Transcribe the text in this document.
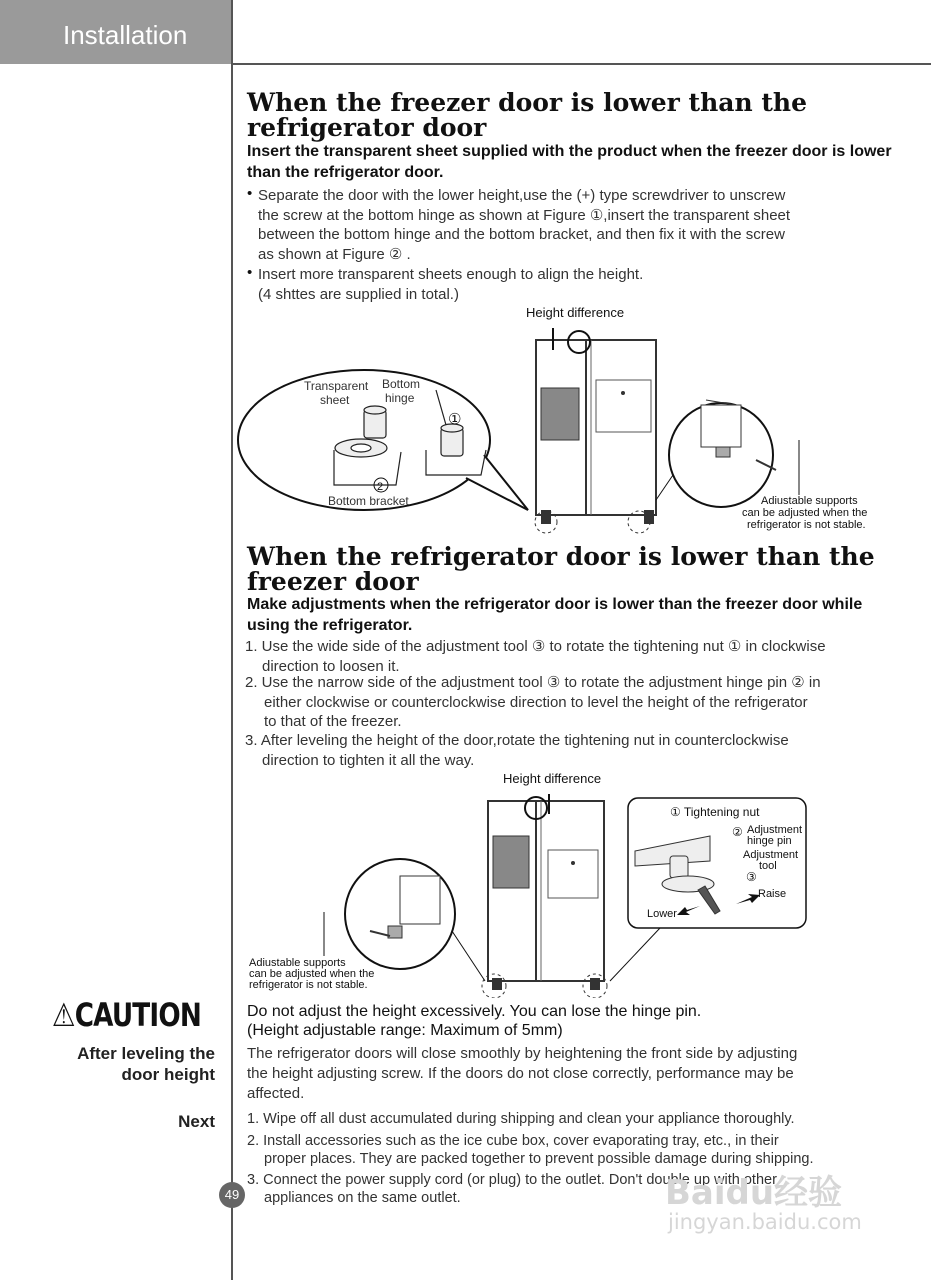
Installation
When the freezer door is lower than the refrigerator door
Insert the transparent sheet supplied with the product when the freezer door is lower than the refrigerator door.
• Separate the door with the lower height,use the (+) type screwdriver to unscrew
the screw at the bottom hinge as shown at Figure ①,insert the transparent sheet
between the bottom hinge and the bottom bracket, and then fix it with the screw
as shown at Figure ② .
• Insert more transparent sheets enough to align the height.
(4 shttes are supplied in total.)
Height difference
Transparent
sheet
Bottom
hinge
①
2
Bottom bracket	Adiustable supports
can be adjusted when the
refrigerator is not stable.
When the refrigerator door is lower than the freezer door
Make adjustments when the refrigerator door is lower than the freezer door while using the refrigerator.
1. Use the wide side of the adjustment tool ③ to rotate the tightening nut ① in clockwise
direction to loosen it.
2. Use the narrow side of the adjustment tool ③ to rotate the adjustment hinge pin ② in
either clockwise or counterclockwise direction to level the height of the refrigerator
to that of the freezer.
3. After leveling the height of the door,rotate the tightening nut in counterclockwise
direction to tighten it all the way.
Height difference
Adiustable supports
can be adjusted when the
refrigerator is not stable.
① Tightening nut
② Adjustment
hinge pin
Adjustment
tool
③
Raise
Lower
⚠CAUTION	Do not adjust the height excessively. You can lose the hinge pin.
(Height adjustable range: Maximum of 5mm)
After leveling the
door height
The refrigerator doors will close smoothly by heightening the front side by adjusting
the height adjusting screw. If the doors do not close correctly, performance may be
affected.
Next 1. Wipe off all dust accumulated during shipping and clean your appliance thoroughly.
2. Install accessories such as the ice cube box, cover evaporating tray, etc., in their
proper places. They are packed together to prevent possible damage during shipping.
3. Connect the power supply cord (or plug) to the outlet. Don't double up with other
appliances on the same outlet.
49	Baidu经验
jingyan.baidu.com
